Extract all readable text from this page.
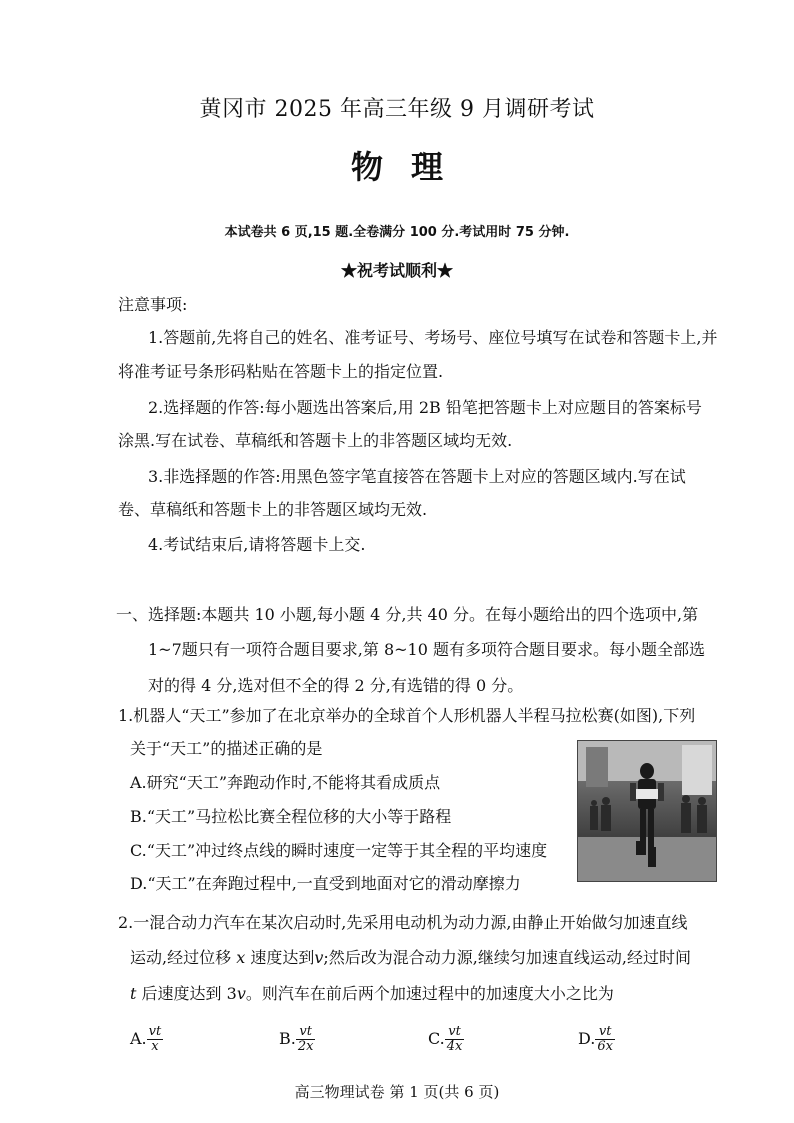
黄冈市 2025 年高三年级 9 月调研考试
物理
本试卷共 6 页,15 题.全卷满分 100 分.考试用时 75 分钟.
★祝考试顺利★
注意事项:
1.答题前,先将自己的姓名、准考证号、考场号、座位号填写在试卷和答题卡上,并
将准考证号条形码粘贴在答题卡上的指定位置.
2.选择题的作答:每小题选出答案后,用 2B 铅笔把答题卡上对应题目的答案标号
涂黑.写在试卷、草稿纸和答题卡上的非答题区域均无效.
3.非选择题的作答:用黑色签字笔直接答在答题卡上对应的答题区域内.写在试
卷、草稿纸和答题卡上的非答题区域均无效.
4.考试结束后,请将答题卡上交.
一、选择题:本题共 10 小题,每小题 4 分,共 40 分。在每小题给出的四个选项中,第
1~7题只有一项符合题目要求,第 8~10 题有多项符合题目要求。每小题全部选
对的得 4 分,选对但不全的得 2 分,有选错的得 0 分。
1.机器人“天工”参加了在北京举办的全球首个人形机器人半程马拉松赛(如图),下列
关于“天工”的描述正确的是
A.研究“天工”奔跑动作时,不能将其看成质点
B.“天工”马拉松比赛全程位移的大小等于路程
C.“天工”冲过终点线的瞬时速度一定等于其全程的平均速度
D.“天工”在奔跑过程中,一直受到地面对它的滑动摩擦力
2.一混合动力汽车在某次启动时,先采用电动机为动力源,由静止开始做匀加速直线
运动,经过位移 x 速度达到v;然后改为混合动力源,继续匀加速直线运动,经过时间
t 后速度达到 3v。则汽车在前后两个加速过程中的加速度大小之比为
A. $\frac{vt}{x}$	B. $\frac{vt}{2x}$	C. $\frac{vt}{4x}$	D. $\frac{vt}{6x}$
高三物理试卷 第 1 页(共 6 页)
